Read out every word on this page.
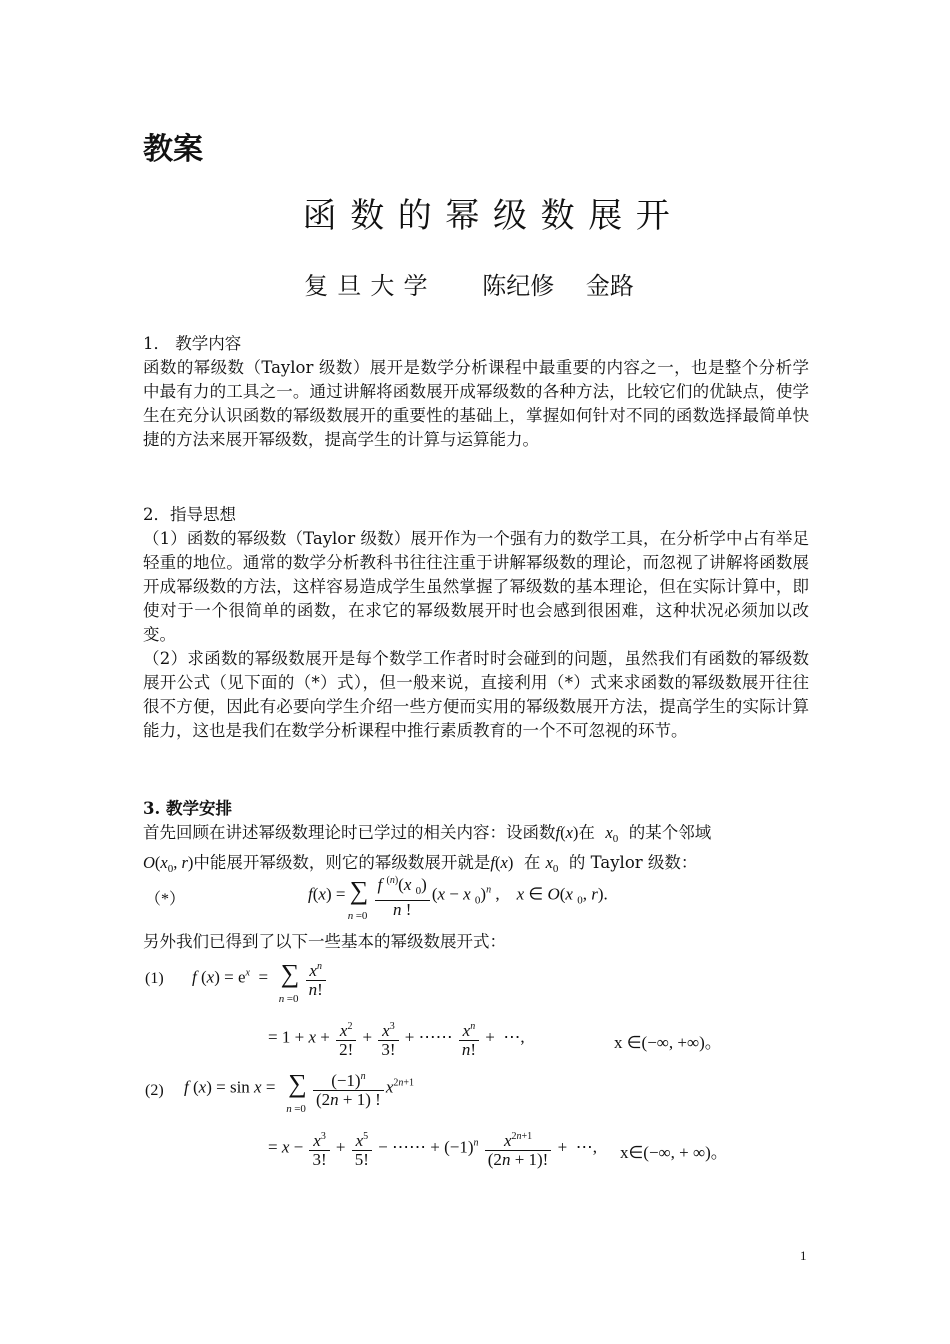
教案
函数的幂级数展开
复旦大学 陈纪修 金路

1． 教学内容

函数的幂级数（Taylor 级数）展开是数学分析课程中最重要的内容之一，也是整个分析学中最有力的工具之一。通过讲解将函数展开成幂级数的各种方法，比较它们的优缺点，使学生在充分认识函数的幂级数展开的重要性的基础上，掌握如何针对不同的函数选择最简单快捷的方法来展开幂级数，提高学生的计算与运算能力。

2．指导思想

（1）函数的幂级数（Taylor 级数）展开作为一个强有力的数学工具，在分析学中占有举足轻重的地位。通常的数学分析教科书往往注重于讲解幂级数的理论，而忽视了讲解将函数展开成幂级数的方法，这样容易造成学生虽然掌握了幂级数的基本理论，但在实际计算中，即使对于一个很简单的函数，在求它的幂级数展开时也会感到很困难，这种状况必须加以改变。

（2）求函数的幂级数展开是每个数学工作者时时会碰到的问题，虽然我们有函数的幂级数展开公式（见下面的（*）式），但一般来说，直接利用（*）式来求函数的幂级数展开往往很不方便，因此有必要向学生介绍一些方便而实用的幂级数展开方法，提高学生的实际计算能力，这也是我们在数学分析课程中推行素质教育的一个不可忽视的环节。

3. 教学安排

首先回顾在讲述幂级数理论时已学过的相关内容：设函数f(x)在 $x_0$ 的某个邻域
$O(x_0$, r)中能展开幂级数，则它的幂级数展开就是f(x) 在 $x_0$ 的 Taylor 级数：

（*）	f(x) = ∑
n =0
$\frac{f ^{(n)}(x _0)}{n !} (x - x$ $_0$)$^n$ ,    x ∈ O(x $_0$, r).

另外我们已得到了以下一些基本的幂级数展开式：

(1) f $(x) = e^x$  =   ∑
n =0

$\frac{x^n}{n!}$
= $1 + x + \frac{x^2}{2!} + \frac{x^3}{3!}$ + ⋯⋯ $\frac{x^n}{n!}$ +  ⋯,	x ∈(−∞, +∞)。
(2) f (x) = sin x =   ∑
n =0

$\frac{(-1)^n}{(2n + 1) !} x^{2n+1}$
= $x - \frac{x^3}{3!} + \frac{x^5}{5!}$ − ⋯⋯ + $(-1)^n \frac{x^{2n+1}}{(2n + 1)!}$ +  ⋯, x∈(−∞, + ∞)。
1
